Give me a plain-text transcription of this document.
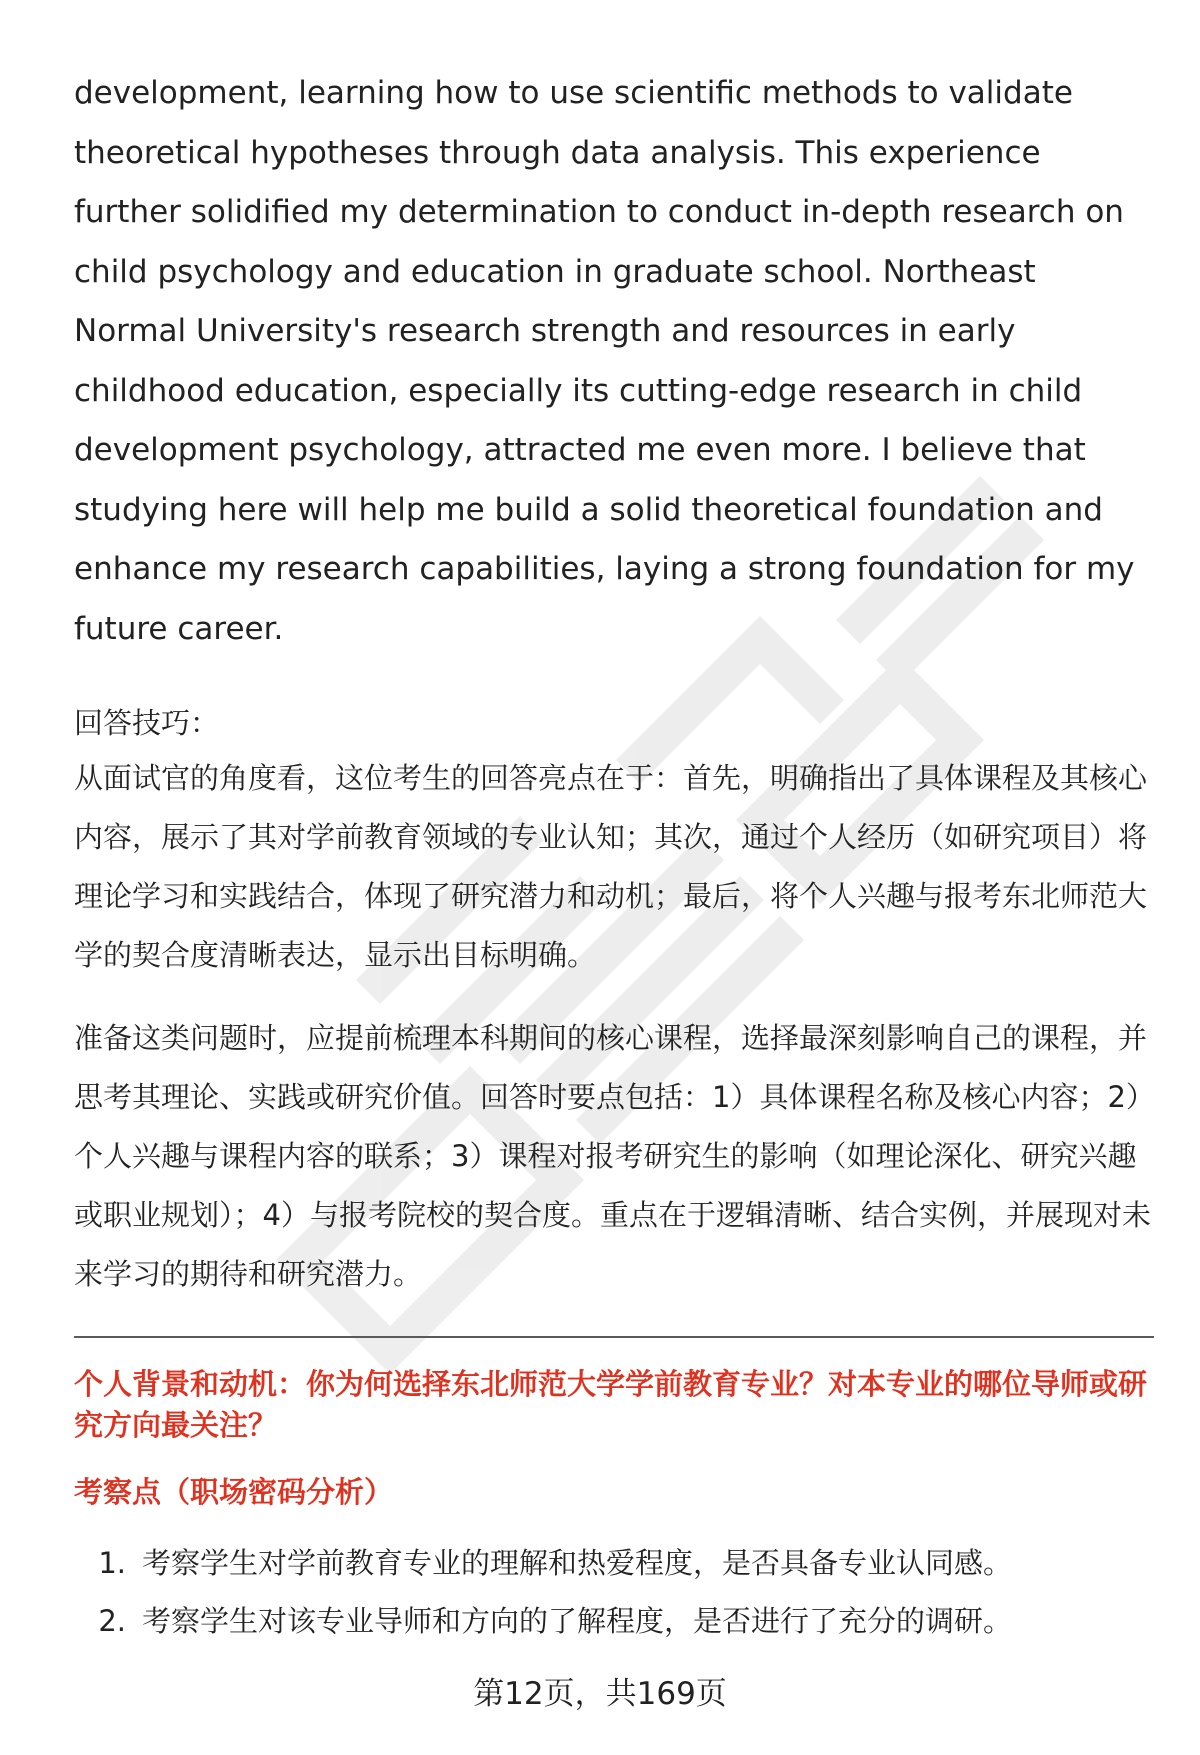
development, learning how to use scientific methods to validate theoretical hypotheses through data analysis. This experience further solidified my determination to conduct in-depth research on child psychology and education in graduate school. Northeast Normal University's research strength and resources in early childhood education, especially its cutting-edge research in child development psychology, attracted me even more. I believe that studying here will help me build a solid theoretical foundation and enhance my research capabilities, laying a strong foundation for my future career.

回答技巧：

从面试官的角度看，这位考生的回答亮点在于：首先，明确指出了具体课程及其核心内容，展示了其对学前教育领域的专业认知；其次，通过个人经历（如研究项目）将理论学习和实践结合，体现了研究潜力和动机；最后，将个人兴趣与报考东北师范大学的契合度清晰表达，显示出目标明确。

准备这类问题时，应提前梳理本科期间的核心课程，选择最深刻影响自己的课程，并思考其理论、实践或研究价值。回答时要点包括：1）具体课程名称及核心内容；2）个人兴趣与课程内容的联系；3）课程对报考研究生的影响（如理论深化、研究兴趣或职业规划）；4）与报考院校的契合度。重点在于逻辑清晰、结合实例，并展现对未来学习的期待和研究潜力。

个人背景和动机：你为何选择东北师范大学学前教育专业？对本专业的哪位导师或研究方向最关注？

考察点（职场密码分析）
1. 考察学生对学前教育专业的理解和热爱程度，是否具备专业认同感。
2. 考察学生对该专业导师和方向的了解程度，是否进行了充分的调研。
第12页，共169页
